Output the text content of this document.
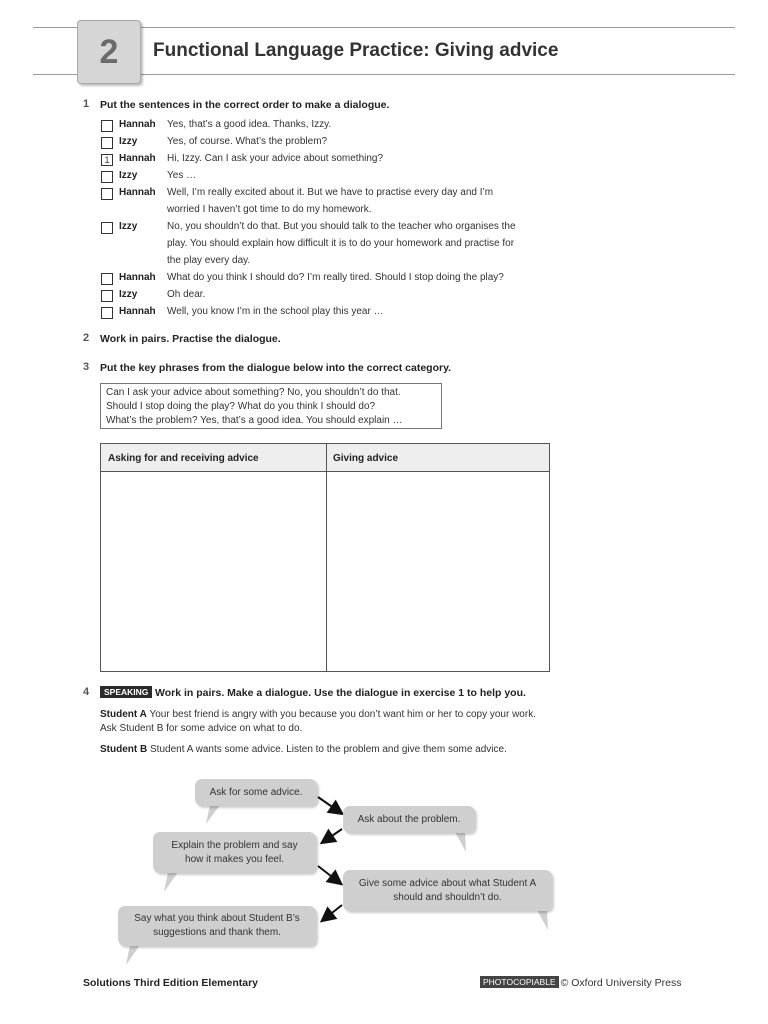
2	Functional Language Practice: Giving advice
1 Put the sentences in the correct order to make a dialogue.
Hannah Yes, that’s a good idea. Thanks, Izzy.
Izzy	Yes, of course. What’s the problem?
1 Hannah Hi, Izzy. Can I ask your advice about something?
Izzy	Yes …
Hannah Well, I’m really excited about it. But we have to practise every day and I’m
worried I haven’t got time to do my homework.
Izzy	No, you shouldn’t do that. But you should talk to the teacher who organises the
play. You should explain how difficult it is to do your homework and practise for
the play every day.
Hannah What do you think I should do? I’m really tired. Should I stop doing the play?
Izzy	Oh dear.
Hannah Well, you know I’m in the school play this year …
2 Work in pairs. Practise the dialogue.
3 Put the key phrases from the dialogue below into the correct category.
Can I ask your advice about something? No, you shouldn’t do that.
Should I stop doing the play? What do you think I should do?
What’s the problem? Yes, that’s a good idea. You should explain …
Asking for and receiving advice	Giving advice
4	SPEAKING Work in pairs. Make a dialogue. Use the dialogue in exercise 1 to help you.
Student A Your best friend is angry with you because you don’t want him or her to copy your work. Ask Student B for some advice on what to do.
Student B Student A wants some advice. Listen to the problem and give them some advice.
Ask for some advice.
Ask about the problem.
Explain the problem and say how it makes you feel.
Give some advice about what Student A should and shouldn’t do.
Say what you think about Student B’s suggestions and thank them.
Solutions Third Edition Elementary	PHOTOCOPIABLE © Oxford University Press
